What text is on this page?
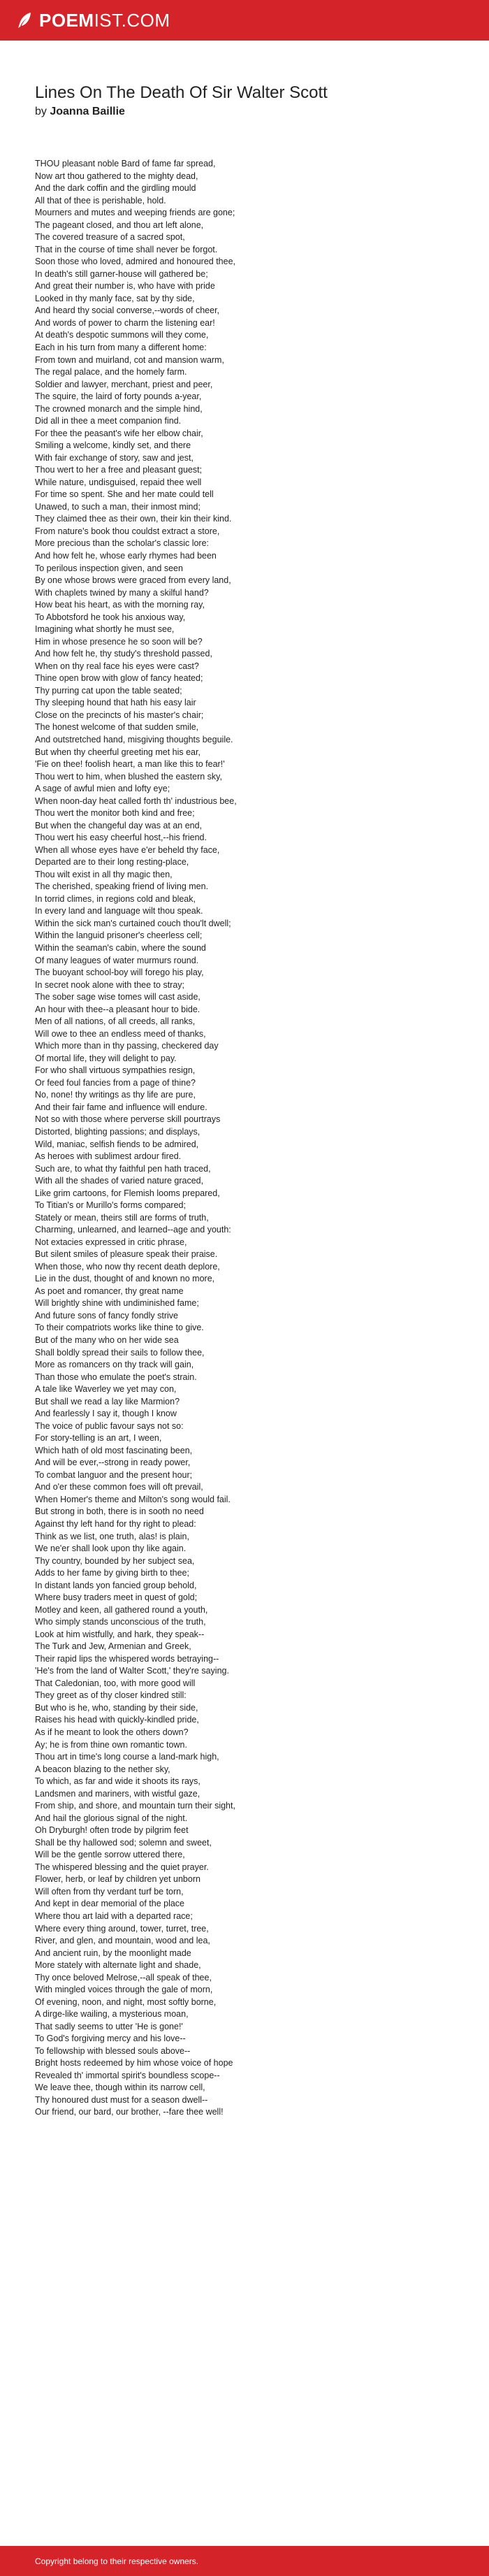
POEM IST.COM
Lines On The Death Of Sir Walter Scott
by Joanna Baillie
THOU pleasant noble Bard of fame far spread,
Now art thou gathered to the mighty dead,
And the dark coffin and the girdling mould
All that of thee is perishable, hold.
Mourners and mutes and weeping friends are gone;
The pageant closed, and thou art left alone,
The covered treasure of a sacred spot,
That in the course of time shall never be forgot.
Soon those who loved, admired and honoured thee,
In death's still garner-house will gathered be;
And great their number is, who have with pride
Looked in thy manly face, sat by thy side,
And heard thy social converse,--words of cheer,
And words of power to charm the listening ear!
At death's despotic summons will they come,
Each in his turn from many a different home:
From town and muirland, cot and mansion warm,
The regal palace, and the homely farm.
Soldier and lawyer, merchant, priest and peer,
The squire, the laird of forty pounds a-year,
The crowned monarch and the simple hind,
Did all in thee a meet companion find.
For thee the peasant's wife her elbow chair,
Smiling a welcome, kindly set, and there
With fair exchange of story, saw and jest,
Thou wert to her a free and pleasant guest;
While nature, undisguised, repaid thee well
For time so spent. She and her mate could tell
Unawed, to such a man, their inmost mind;
They claimed thee as their own, their kin their kind.
From nature's book thou couldst extract a store,
More precious than the scholar's classic lore:
And how felt he, whose early rhymes had been
To perilous inspection given, and seen
By one whose brows were graced from every land,
With chaplets twined by many a skilful hand?
How beat his heart, as with the morning ray,
To Abbotsford he took his anxious way,
Imagining what shortly he must see,
Him in whose presence he so soon will be?
And how felt he, thy study's threshold passed,
When on thy real face his eyes were cast?
Thine open brow with glow of fancy heated;
Thy purring cat upon the table seated;
Thy sleeping hound that hath his easy lair
Close on the precincts of his master's chair;
The honest welcome of that sudden smile,
And outstretched hand, misgiving thoughts beguile.
But when thy cheerful greeting met his ear,
'Fie on thee! foolish heart, a man like this to fear!'
Thou wert to him, when blushed the eastern sky,
A sage of awful mien and lofty eye;
When noon-day heat called forth th' industrious bee,
Thou wert the monitor both kind and free;
But when the changeful day was at an end,
Thou wert his easy cheerful host,--his friend.
When all whose eyes have e'er beheld thy face,
Departed are to their long resting-place,
Thou wilt exist in all thy magic then,
The cherished, speaking friend of living men.
In torrid climes, in regions cold and bleak,
In every land and language wilt thou speak.
Within the sick man's curtained couch thou'lt dwell;
Within the languid prisoner's cheerless cell;
Within the seaman's cabin, where the sound
Of many leagues of water murmurs round.
The buoyant school-boy will forego his play,
In secret nook alone with thee to stray;
The sober sage wise tomes will cast aside,
An hour with thee--a pleasant hour to bide.
Men of all nations, of all creeds, all ranks,
Will owe to thee an endless meed of thanks,
Which more than in thy passing, checkered day
Of mortal life, they will delight to pay.
For who shall virtuous sympathies resign,
Or feed foul fancies from a page of thine?
No, none! thy writings as thy life are pure,
And their fair fame and influence will endure.
Not so with those where perverse skill pourtrays
Distorted, blighting passions; and displays,
Wild, maniac, selfish fiends to be admired,
As heroes with sublimest ardour fired.
Such are, to what thy faithful pen hath traced,
With all the shades of varied nature graced,
Like grim cartoons, for Flemish looms prepared,
To Titian's or Murillo's forms compared;
Stately or mean, theirs still are forms of truth,
Charming, unlearned, and learned--age and youth:
Not extacies expressed in critic phrase,
But silent smiles of pleasure speak their praise.
When those, who now thy recent death deplore,
Lie in the dust, thought of and known no more,
As poet and romancer, thy great name
Will brightly shine with undiminished fame;
And future sons of fancy fondly strive
To their compatriots works like thine to give.
But of the many who on her wide sea
Shall boldly spread their sails to follow thee,
More as romancers on thy track will gain,
Than those who emulate the poet's strain.
A tale like Waverley we yet may con,
But shall we read a lay like Marmion?
And fearlessly I say it, though I know
The voice of public favour says not so:
For story-telling is an art, I ween,
Which hath of old most fascinating been,
And will be ever,--strong in ready power,
To combat languor and the present hour;
And o'er these common foes will oft prevail,
When Homer's theme and Milton's song would fail.
But strong in both, there is in sooth no need
Against thy left hand for thy right to plead:
Think as we list, one truth, alas! is plain,
We ne'er shall look upon thy like again.
Thy country, bounded by her subject sea,
Adds to her fame by giving birth to thee;
In distant lands yon fancied group behold,
Where busy traders meet in quest of gold;
Motley and keen, all gathered round a youth,
Who simply stands unconscious of the truth,
Look at him wistfully, and hark, they speak--
The Turk and Jew, Armenian and Greek,
Their rapid lips the whispered words betraying--
'He's from the land of Walter Scott,' they're saying.
That Caledonian, too, with more good will
They greet as of thy closer kindred still:
But who is he, who, standing by their side,
Raises his head with quickly-kindled pride,
As if he meant to look the others down?
Ay; he is from thine own romantic town.
Thou art in time's long course a land-mark high,
A beacon blazing to the nether sky,
To which, as far and wide it shoots its rays,
Landsmen and mariners, with wistful gaze,
From ship, and shore, and mountain turn their sight,
And hail the glorious signal of the night.
Oh Dryburgh! often trode by pilgrim feet
Shall be thy hallowed sod; solemn and sweet,
Will be the gentle sorrow uttered there,
The whispered blessing and the quiet prayer.
Flower, herb, or leaf by children yet unborn
Will often from thy verdant turf be torn,
And kept in dear memorial of the place
Where thou art laid with a departed race;
Where every thing around, tower, turret, tree,
River, and glen, and mountain, wood and lea,
And ancient ruin, by the moonlight made
More stately with alternate light and shade,
Thy once beloved Melrose,--all speak of thee,
With mingled voices through the gale of morn,
Of evening, noon, and night, most softly borne,
A dirge-like wailing, a mysterious moan,
That sadly seems to utter 'He is gone!'
To God's forgiving mercy and his love--
To fellowship with blessed souls above--
Bright hosts redeemed by him whose voice of hope
Revealed th' immortal spirit's boundless scope--
We leave thee, though within its narrow cell,
Thy honoured dust must for a season dwell--
Our friend, our bard, our brother, --fare thee well!
Copyright belong to their respective owners.
